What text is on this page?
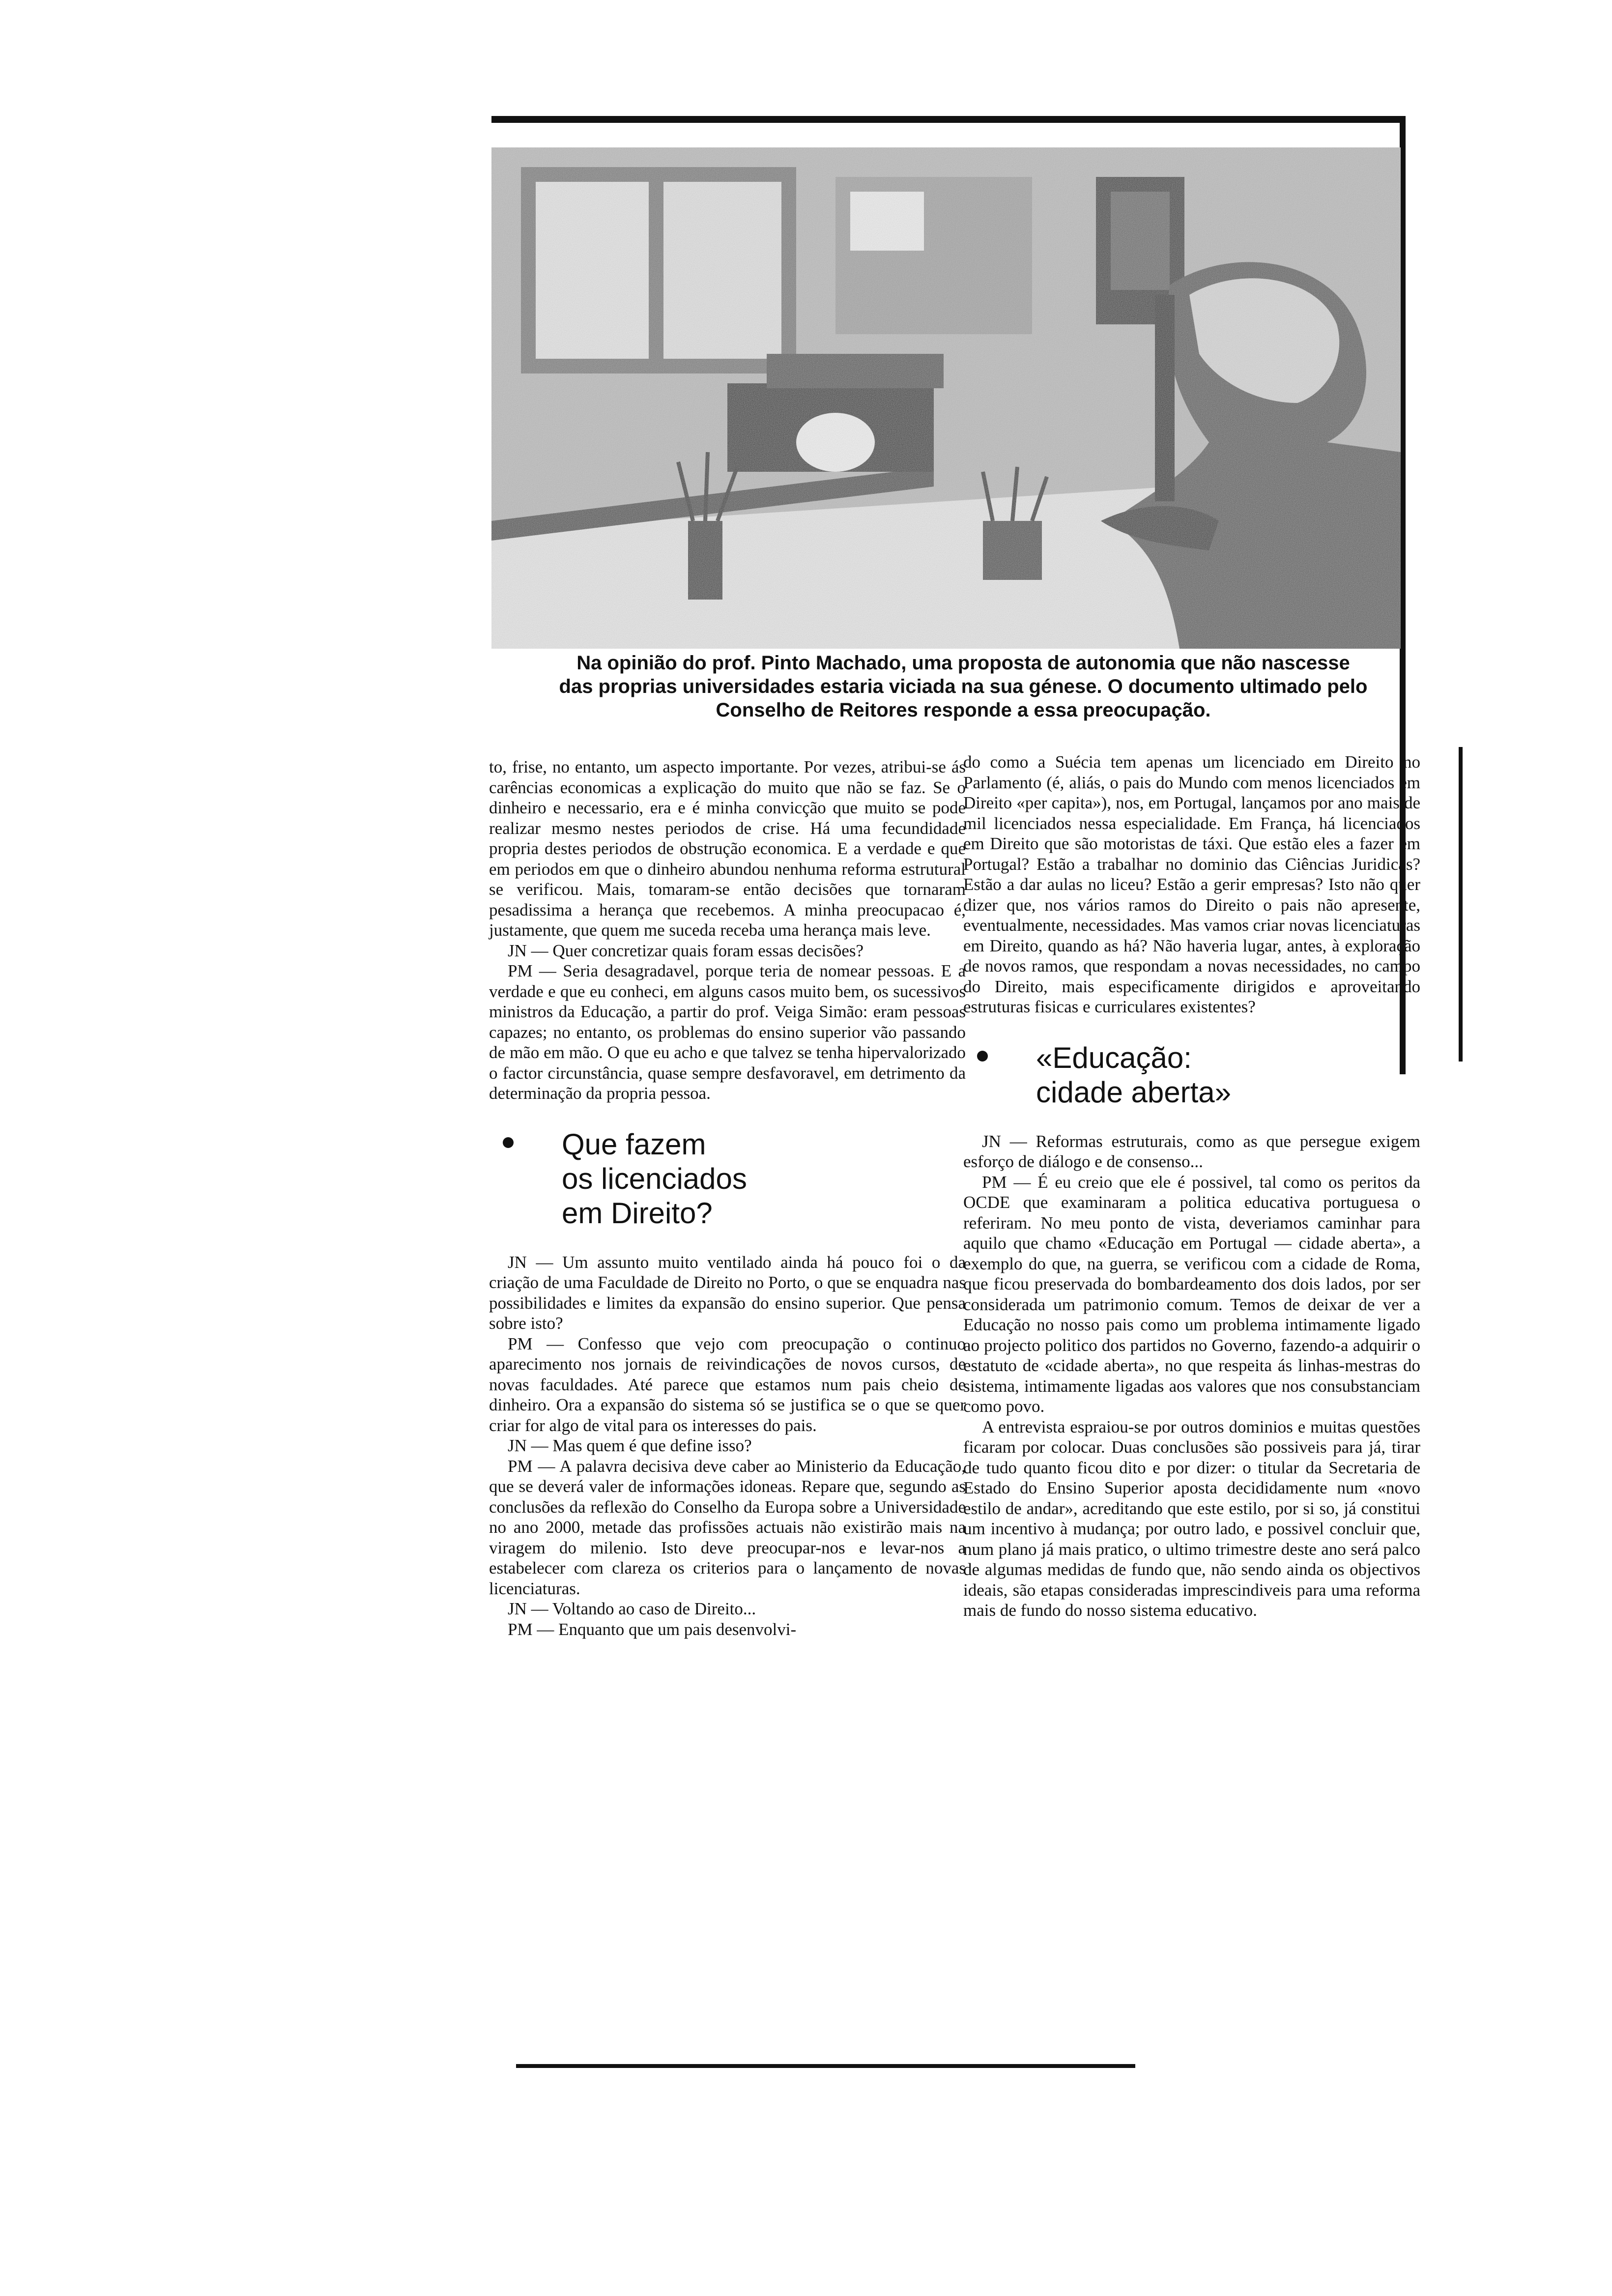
Na opinião do prof. Pinto Machado, uma proposta de autonomia que não nascesse
das proprias universidades estaria viciada na sua génese. O documento ultimado pelo
Conselho de Reitores responde a essa preocupação.

to, frise, no entanto, um aspecto importante. Por vezes, atribui-se ás carências economicas a explicação do muito que não se faz. Se o dinheiro e necessario, era e é minha convicção que muito se pode realizar mesmo nestes periodos de crise. Há uma fecundidade propria destes periodos de obstrução economica. E a verdade e que em periodos em que o dinheiro abundou nenhuma reforma estrutural se verificou. Mais, tomaram-se então decisões que tornaram pesadissima a herança que recebemos. A minha preocupacao é, justamente, que quem me suceda receba uma herança mais leve.

JN — Quer concretizar quais foram essas decisões?

PM — Seria desagradavel, porque teria de nomear pessoas. E a verdade e que eu conheci, em alguns casos muito bem, os sucessivos ministros da Educação, a partir do prof. Veiga Simão: eram pessoas capazes; no entanto, os problemas do ensino superior vão passando de mão em mão. O que eu acho e que talvez se tenha hipervalorizado o factor circunstância, quase sempre desfavoravel, em detrimento da determinação da propria pessoa.

Que fazem
os licenciados
em Direito?

JN — Um assunto muito ventilado ainda há pouco foi o da criação de uma Faculdade de Direito no Porto, o que se enquadra nas possibilidades e limites da expansão do ensino superior. Que pensa sobre isto?

PM — Confesso que vejo com preocupação o continuo aparecimento nos jornais de reivindicações de novos cursos, de novas faculdades. Até parece que estamos num pais cheio de dinheiro. Ora a expansão do sistema só se justifica se o que se quer criar for algo de vital para os interesses do pais.

JN — Mas quem é que define isso?

PM — A palavra decisiva deve caber ao Ministerio da Educação, que se deverá valer de informações idoneas. Repare que, segundo as conclusões da reflexão do Conselho da Europa sobre a Universidade no ano 2000, metade das profissões actuais não existirão mais na viragem do milenio. Isto deve preocupar-nos e levar-nos a estabelecer com clareza os criterios para o lançamento de novas licenciaturas.

JN — Voltando ao caso de Direito...

PM — Enquanto que um pais desenvolvi-

do como a Suécia tem apenas um licenciado em Direito no Parlamento (é, aliás, o pais do Mundo com menos licenciados em Direito «per capita»), nos, em Portugal, lançamos por ano mais de mil licenciados nessa especialidade. Em França, há licenciados em Direito que são motoristas de táxi. Que estão eles a fazer em Portugal? Estão a trabalhar no dominio das Ciências Juridicas? Estão a dar aulas no liceu? Estão a gerir empresas? Isto não quer dizer que, nos vários ramos do Direito o pais não apresente, eventualmente, necessidades. Mas vamos criar novas licenciaturas em Direito, quando as há? Não haveria lugar, antes, à exploração de novos ramos, que respondam a novas necessidades, no campo do Direito, mais especificamente dirigidos e aproveitando estruturas fisicas e curriculares existentes?

«Educação:
cidade aberta»

JN — Reformas estruturais, como as que persegue exigem esforço de diálogo e de consenso...

PM — É eu creio que ele é possivel, tal como os peritos da OCDE que examinaram a politica educativa portuguesa o referiram. No meu ponto de vista, deveriamos caminhar para aquilo que chamo «Educação em Portugal — cidade aberta», a exemplo do que, na guerra, se verificou com a cidade de Roma, que ficou preservada do bombardeamento dos dois lados, por ser considerada um patrimonio comum. Temos de deixar de ver a Educação no nosso pais como um problema intimamente ligado ao projecto politico dos partidos no Governo, fazendo-a adquirir o estatuto de «cidade aberta», no que respeita ás linhas-mestras do sistema, intimamente ligadas aos valores que nos consubstanciam como povo.

A entrevista espraiou-se por outros dominios e muitas questões ficaram por colocar. Duas conclusões são possiveis para já, tirar de tudo quanto ficou dito e por dizer: o titular da Secretaria de Estado do Ensino Superior aposta decididamente num «novo estilo de andar», acreditando que este estilo, por si so, já constitui um incentivo à mudança; por outro lado, e possivel concluir que, num plano já mais pratico, o ultimo trimestre deste ano será palco de algumas medidas de fundo que, não sendo ainda os objectivos ideais, são etapas consideradas imprescindiveis para uma reforma mais de fundo do nosso sistema educativo.
